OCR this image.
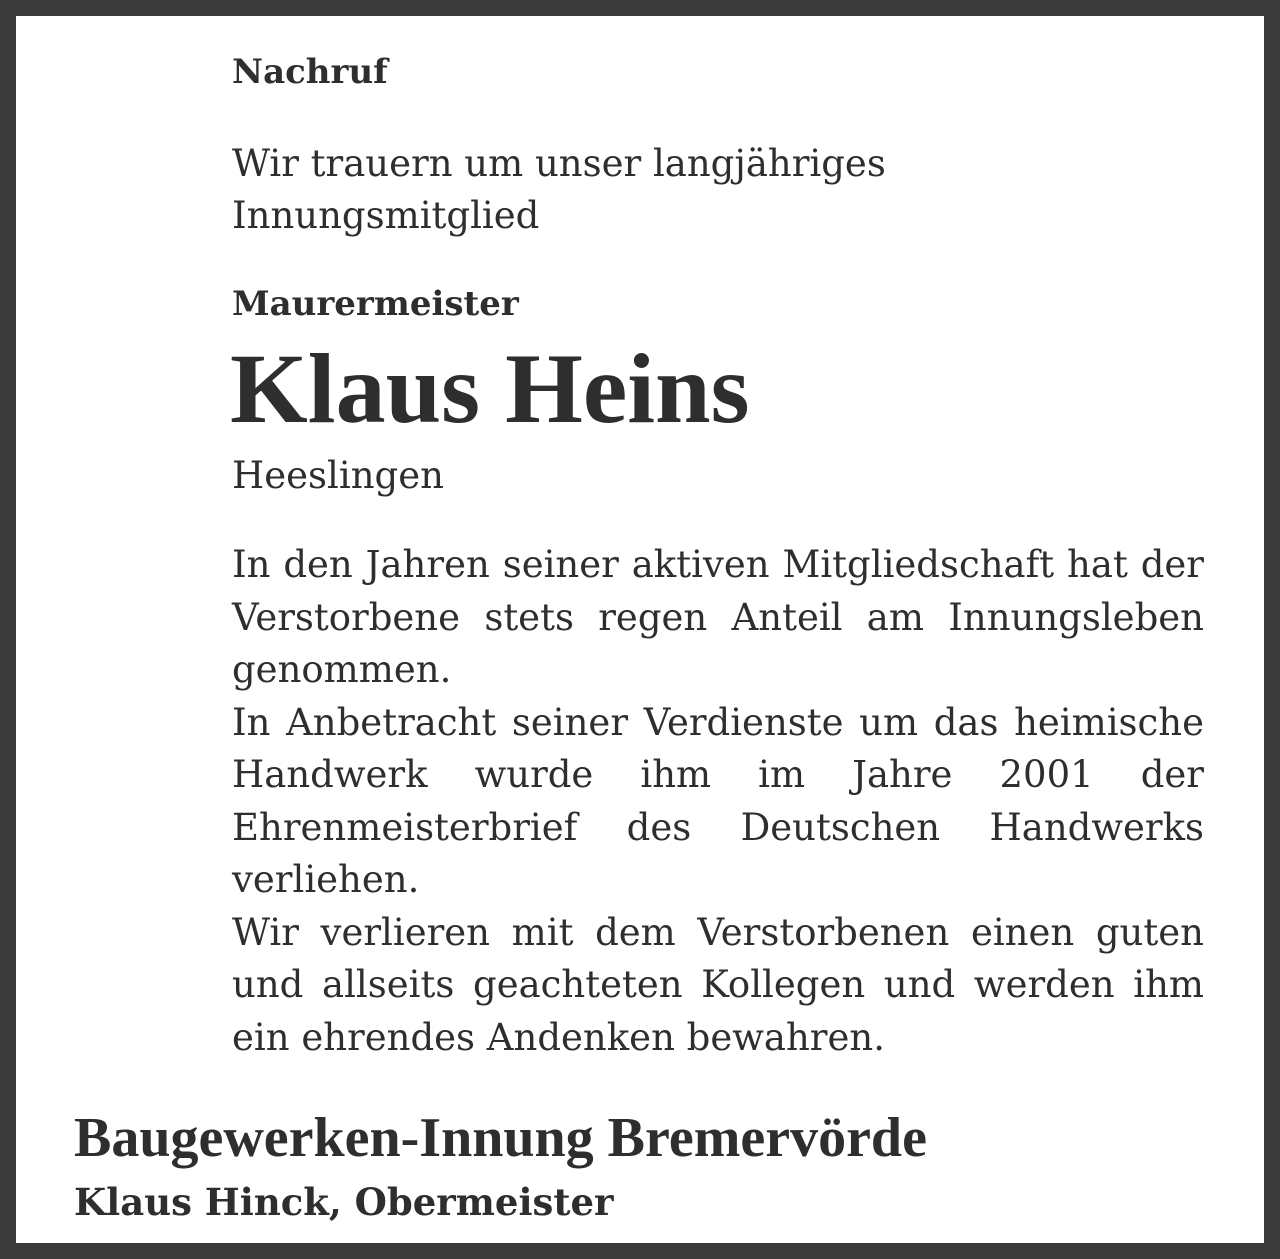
Nachruf

Wir trauern um unser langjähriges Innungsmitglied

Maurermeister

Klaus Heins

Heeslingen

In den Jahren seiner aktiven Mitgliedschaft hat der Verstorbene stets regen Anteil am Innungsleben genommen.

In Anbetracht seiner Verdienste um das heimische Handwerk wurde ihm im Jahre 2001 der Ehrenmeisterbrief des Deutschen Handwerks verliehen.

Wir verlieren mit dem Verstorbenen einen guten und allseits geachteten Kollegen und werden ihm ein ehrendes Andenken bewahren.

Baugewerken-Innung Bremervörde

Klaus Hinck, Obermeister
